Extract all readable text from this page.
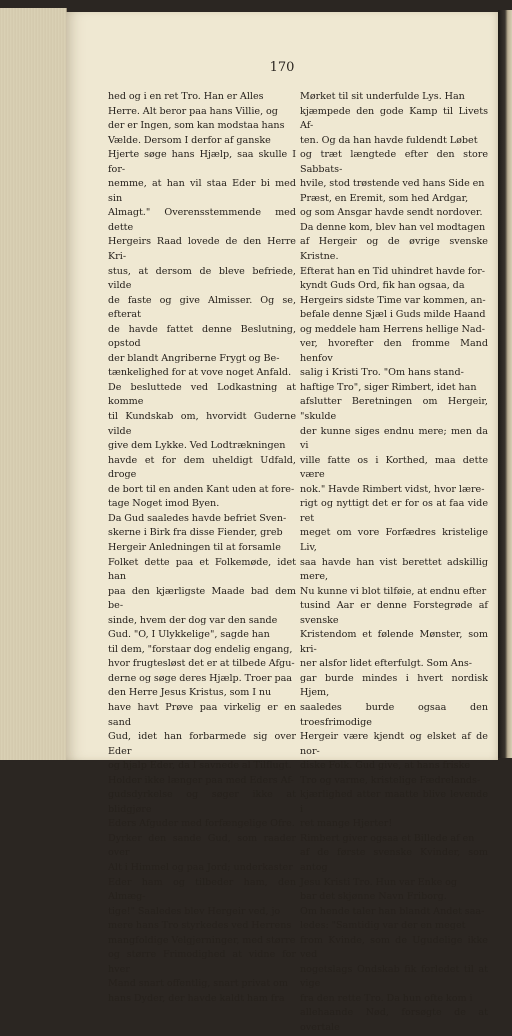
170
hed og i en ret Tro. Han er Alles
Herre. Alt beror paa hans Villie, og
der er Ingen, som kan modstaa hans
Vælde. Dersom I derfor af ganske
Hjerte søge hans Hjælp, saa skulle I for-
nemme, at han vil staa Eder bi med sin
Almagt." Overensstemmende med dette
Hergeirs Raad lovede de den Herre Kri-
stus, at dersom de bleve befriede, vilde
de faste og give Almisser. Og se, efterat
de havde fattet denne Beslutning, opstod
der blandt Angriberne Frygt og Be-
tænkelighed for at vove noget Anfald.
De besluttede ved Lodkastning at komme
til Kundskab om, hvorvidt Guderne vilde
give dem Lykke. Ved Lodtrækningen
havde et for dem uheldigt Udfald, droge
de bort til en anden Kant uden at fore-
tage Noget imod Byen.
Da Gud saaledes havde befriet Sven-
skerne i Birk fra disse Fiender, greb
Hergeir Anledningen til at forsamle
Folket dette paa et Folkemøde, idet han
paa den kjærligste Maade bad dem be-
sinde, hvem der dog var den sande
Gud. "O, I Ulykkelige", sagde han
til dem, "forstaar dog endelig engang,
hvor frugtesløst det er at tilbede Afgu-
derne og søge deres Hjælp. Troer paa
den Herre Jesus Kristus, som I nu
have havt Prøve paa virkelig er en sand
Gud, idet han forbarmede sig over Eder
og hjalp Eder, da I savnede al Tilflugt.
Holder ikke længer paa med Eders Af-
gudsdyrkelse og søger ikke at blidgjøre
Eders Afguder med forfængelige Ofre.
Dyrker den sande Gud, som raader over
Alt i Himmel og paa Jord; underkaster
Eder ham og tilbeder ham, den Almæg-
tige!" Saaledes blev Hergeir ved, jo
mere hans Tro styrkedes ved Herrens
mangfoldige Velgjerninger, med større
og større Frimodighed at vidne for hver
Mand snart offentlig, snart privat om
hans Dyder, der havde kaldt ham fra
Mørket til sit underfulde Lys. Han
kjæmpede den gode Kamp til Livets Af-
ten. Og da han havde fuldendt Løbet
og træt længtede efter den store Sabbats-
hvile, stod trøstende ved hans Side en
Præst, en Eremit, som hed Ardgar,
og som Ansgar havde sendt nordover.
Da denne kom, blev han vel modtagen
af Hergeir og de øvrige svenske Kristne.
Efterat han en Tid uhindret havde for-
kyndt Guds Ord, fik han ogsaa, da
Hergeirs sidste Time var kommen, an-
befale denne Sjæl i Guds milde Haand
og meddele ham Herrens hellige Nad-
ver, hvorefter den fromme Mand henfov
salig i Kristi Tro. "Om hans stand-
haftige Tro", siger Rimbert, idet han
afslutter Beretningen om Hergeir, "skulde
der kunne siges endnu mere; men da vi
ville fatte os i Korthed, maa dette være
nok." Havde Rimbert vidst, hvor lære-
rigt og nyttigt det er for os at faa vide ret
meget om vore Forfædres kristelige Liv,
saa havde han vist berettet adskillig mere,
Nu kunne vi blot tilføie, at endnu efter
tusind Aar er denne Forstegrøde af svenske
Kristendom et følende Mønster, som kri-
ner alsfor lidet efterfulgt. Som Ans-
gar burde mindes i hvert nordisk Hjem,
saaledes burde ogsaa den troesfrimodige
Hergeir være kjendt og elsket af de nor-
diske Folk. Gud give, at hans friske
Tro og varme, kristelige Fædrelands-
kjærlighed atter maatte blive levende i
ret mange Hjerter!
Rimbert giver ogsaa et Billede af en
af de første svenske Kvinder, som antog
Jesu Kristi Tro. Hun var Enke og
bar det skjønne Navn Friborg.
Om hende taler han blandt Andet saa-
ledes: "Samtidig var der en meget
from Kvinde, som de Ugudelige ikke ved
nogetslags Ondskab fik forledet til at vige
fra den rette Tro. Da hun ofte kom i
allehaande Nød, forsøgte de at overtale
